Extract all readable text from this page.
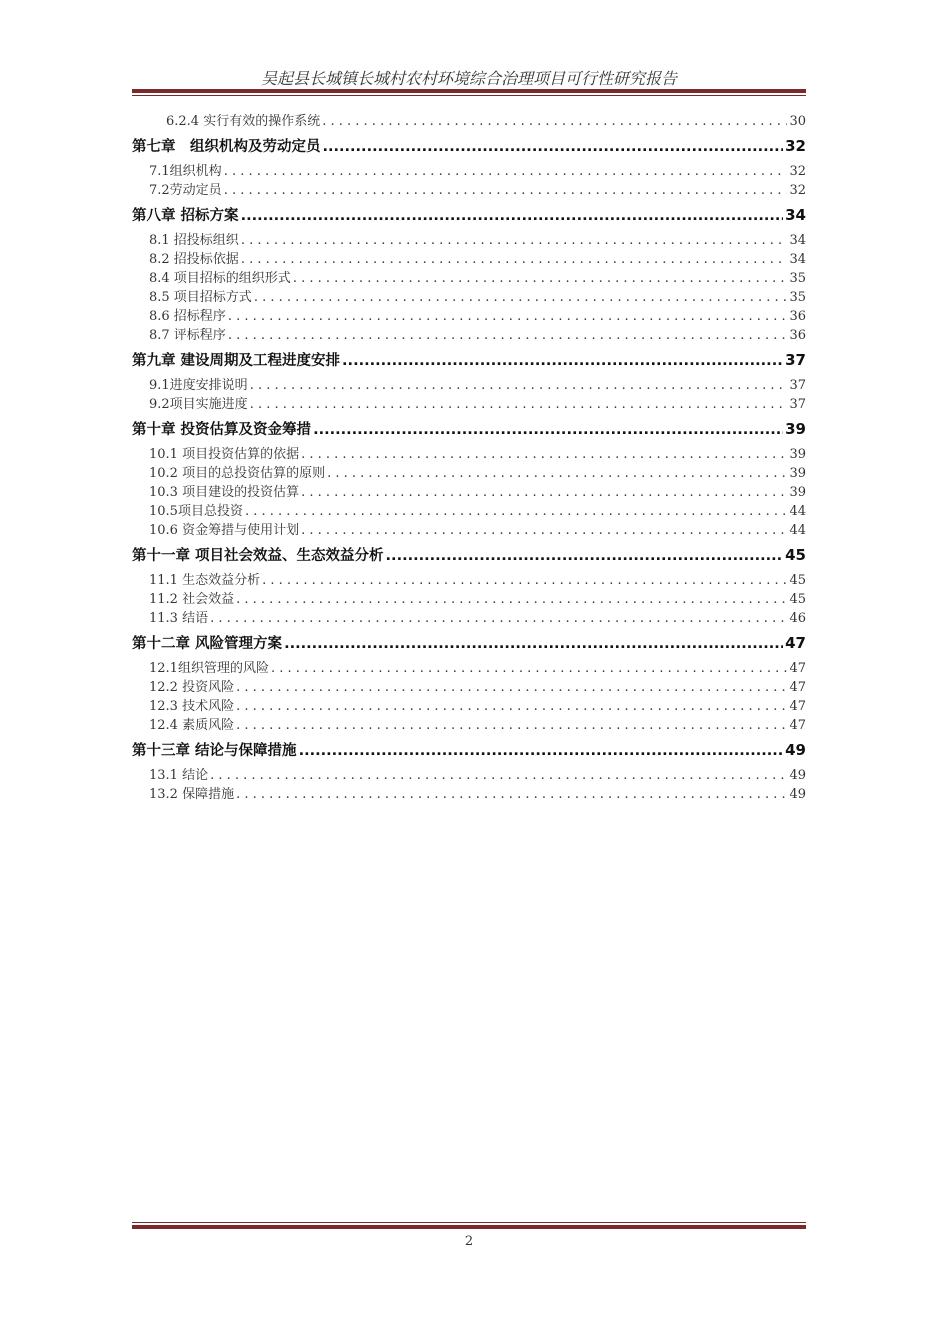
吴起县长城镇长城村农村环境综合治理项目可行性研究报告
6.2.4 实行有效的操作系统 . . .	30
第七章　组织机构及劳动定员 .....	32
7.1组织机构 . . .	32
7.2劳动定员 . . .	32
第八章 招标方案 .....	34
8.1 招投标组织 . . .	34
8.2 招投标依据 . . .	34
8.4 项目招标的组织形式 . . .	35
8.5 项目招标方式 . . .	35
8.6 招标程序 . . .	36
8.7 评标程序 . . .	36
第九章 建设周期及工程进度安排 .....	37
9.1进度安排说明 . . .	37
9.2项目实施进度 . . .	37
第十章 投资估算及资金筹措 .....	39
10.1 项目投资估算的依据 . . .	39
10.2 项目的总投资估算的原则 . . .	39
10.3 项目建设的投资估算 . . .	39
10.5项目总投资 . . .	44
10.6 资金筹措与使用计划 . . .	44
第十一章 项目社会效益、生态效益分析 .....	45
11.1 生态效益分析 . . .	45
11.2 社会效益 . . .	45
11.3 结语 . . .	46
第十二章 风险管理方案 .....	47
12.1组织管理的风险 . . .	47
12.2 投资风险 . . .	47
12.3 技术风险 . . .	47
12.4 素质风险 . . .	47
第十三章 结论与保障措施 .....	49
13.1 结论 . . .	49
13.2 保障措施 . . .	49
2
